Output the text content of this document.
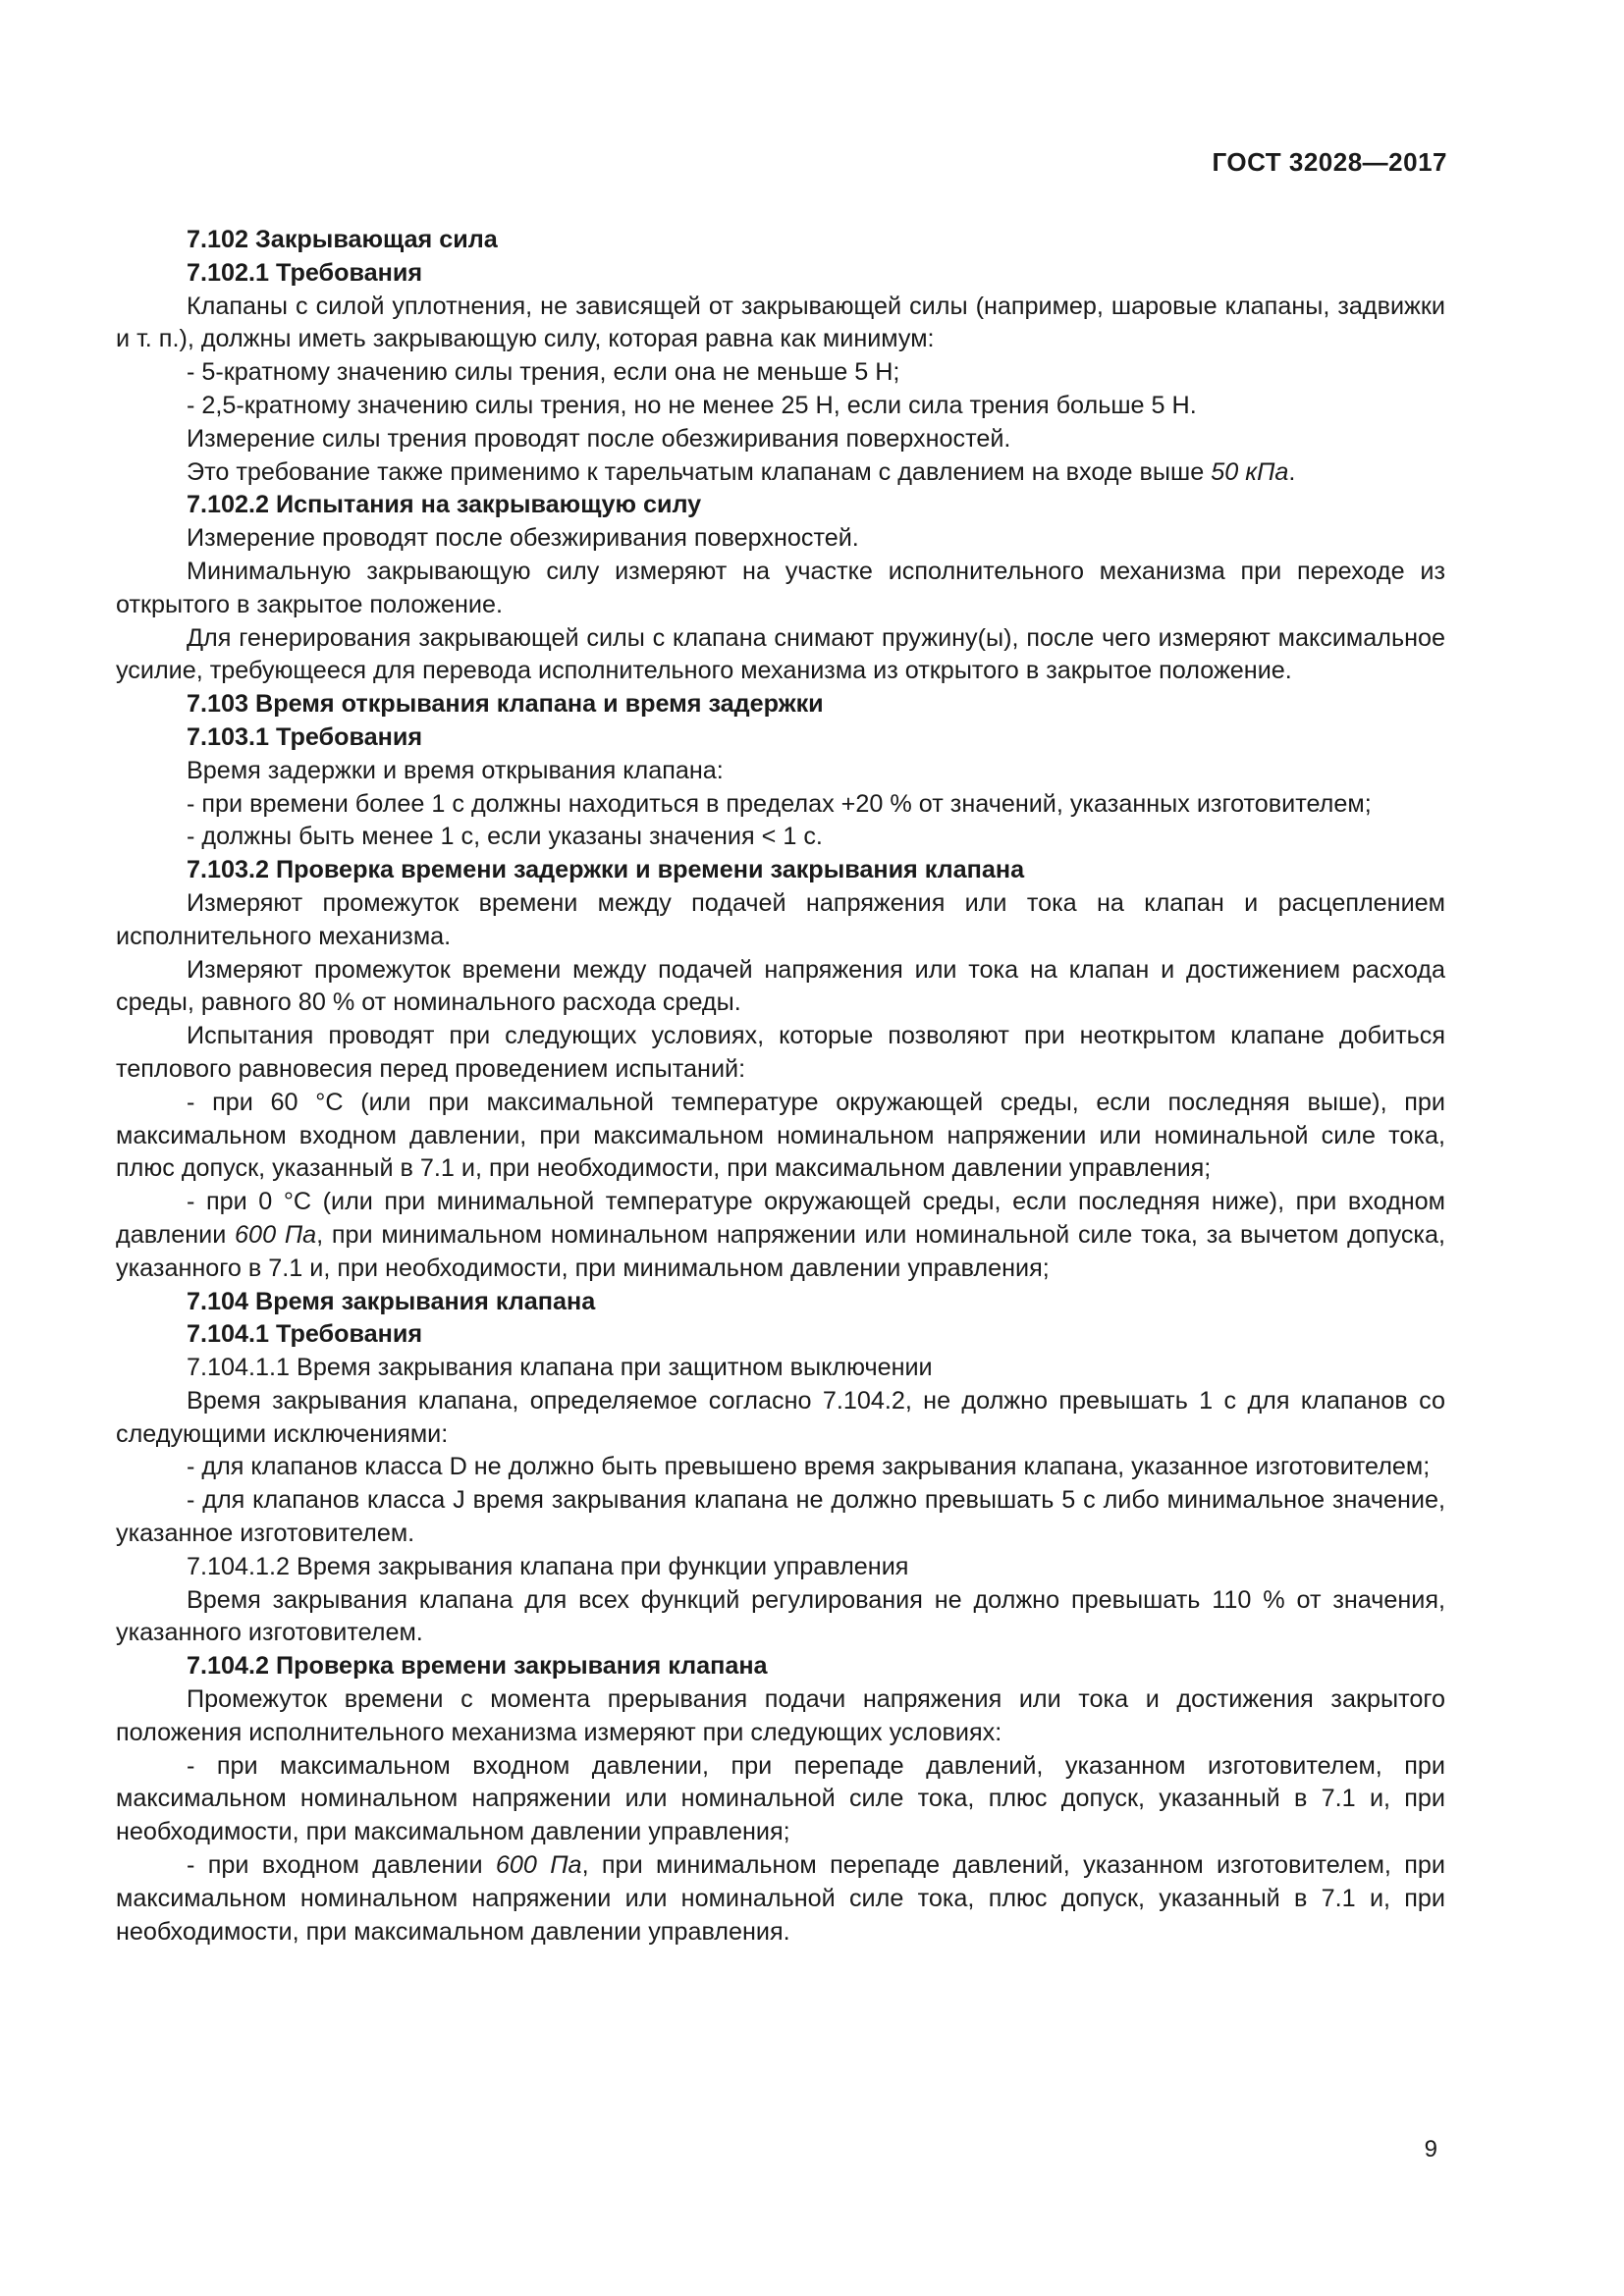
ГОСТ 32028—2017

7.102 Закрывающая сила

7.102.1 Требования

Клапаны с силой уплотнения, не зависящей от закрывающей силы (например, шаровые клапаны, задвижки и т. п.), должны иметь закрывающую силу, которая равна как минимум:

- 5-кратному значению силы трения, если она не меньше 5 Н;

- 2,5-кратному значению силы трения, но не менее 25 Н, если сила трения больше 5 Н.

Измерение силы трения проводят после обезжиривания поверхностей.

Это требование также применимо к тарельчатым клапанам с давлением на входе выше 50 кПа.

7.102.2 Испытания на закрывающую силу

Измерение проводят после обезжиривания поверхностей.

Минимальную закрывающую силу измеряют на участке исполнительного механизма при переходе из открытого в закрытое положение.

Для генерирования закрывающей силы с клапана снимают пружину(ы), после чего измеряют максимальное усилие, требующееся для перевода исполнительного механизма из открытого в закрытое положение.

7.103 Время открывания клапана и время задержки

7.103.1 Требования

Время задержки и время открывания клапана:

- при времени более 1 с должны находиться в пределах +20 % от значений, указанных изготовителем;

- должны быть менее 1 с, если указаны значения < 1 с.

7.103.2 Проверка времени задержки и времени закрывания клапана

Измеряют промежуток времени между подачей напряжения или тока на клапан и расцеплением исполнительного механизма.

Измеряют промежуток времени между подачей напряжения или тока на клапан и достижением расхода среды, равного 80 % от номинального расхода среды.

Испытания проводят при следующих условиях, которые позволяют при неоткрытом клапане добиться теплового равновесия перед проведением испытаний:

- при 60 °С (или при максимальной температуре окружающей среды, если последняя выше), при максимальном входном давлении, при максимальном номинальном напряжении или номинальной силе тока, плюс допуск, указанный в 7.1 и, при необходимости, при максимальном давлении управления;

- при 0 °С (или при минимальной температуре окружающей среды, если последняя ниже), при входном давлении 600 Па, при минимальном номинальном напряжении или номинальной силе тока, за вычетом допуска, указанного в 7.1 и, при необходимости, при минимальном давлении управления;

7.104 Время закрывания клапана

7.104.1 Требования

7.104.1.1 Время закрывания клапана при защитном выключении

Время закрывания клапана, определяемое согласно 7.104.2, не должно превышать 1 с для клапанов со следующими исключениями:

- для клапанов класса D не должно быть превышено время закрывания клапана, указанное изготовителем;

- для клапанов класса J время закрывания клапана не должно превышать 5 с либо минимальное значение, указанное изготовителем.

7.104.1.2 Время закрывания клапана при функции управления

Время закрывания клапана для всех функций регулирования не должно превышать 110 % от значения, указанного изготовителем.

7.104.2 Проверка времени закрывания клапана

Промежуток времени с момента прерывания подачи напряжения или тока и достижения закрытого положения исполнительного механизма измеряют при следующих условиях:

- при максимальном входном давлении, при перепаде давлений, указанном изготовителем, при максимальном номинальном напряжении или номинальной силе тока, плюс допуск, указанный в 7.1 и, при необходимости, при максимальном давлении управления;

- при входном давлении 600 Па, при минимальном перепаде давлений, указанном изготовителем, при максимальном номинальном напряжении или номинальной силе тока, плюс допуск, указанный в 7.1 и, при необходимости, при максимальном давлении управления.

9
